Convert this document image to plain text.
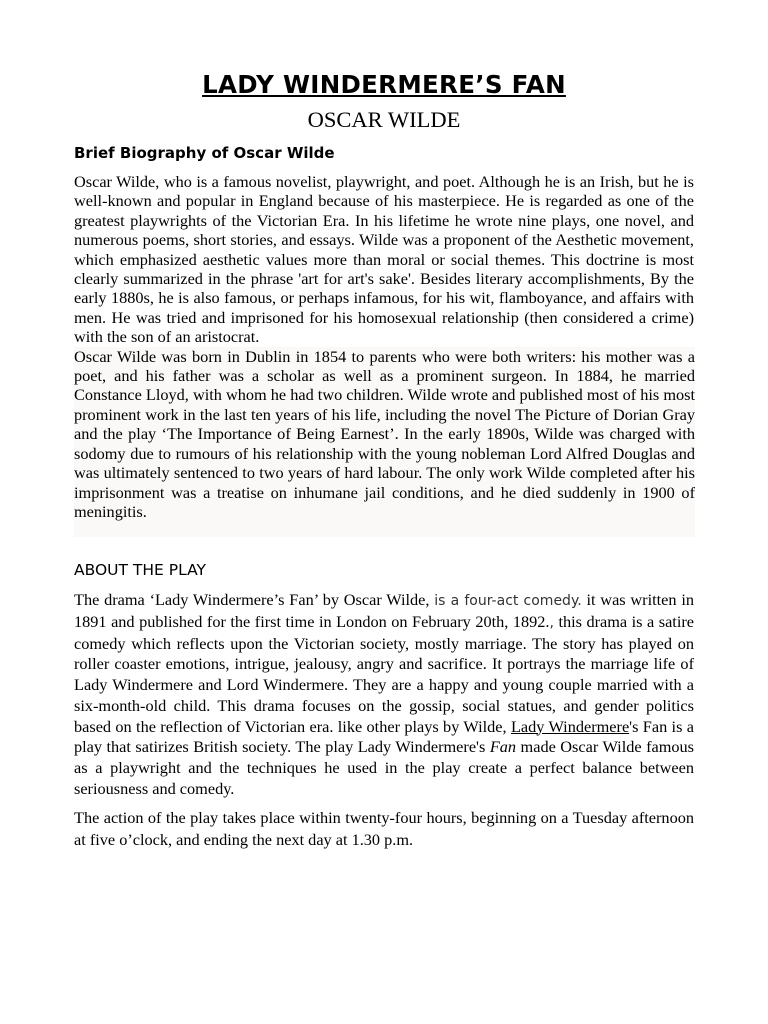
LADY WINDERMERE’S FAN
OSCAR WILDE
Brief Biography of Oscar Wilde

Oscar Wilde, who is a famous novelist, playwright, and poet. Although he is an Irish, but he is well-known and popular in England because of his masterpiece. He is regarded as one of the greatest playwrights of the Victorian Era. In his lifetime he wrote nine plays, one novel, and numerous poems, short stories, and essays. Wilde was a proponent of the Aesthetic movement, which emphasized aesthetic values more than moral or social themes. This doctrine is most clearly summarized in the phrase 'art for art's sake'. Besides literary accomplishments, By the early 1880s, he is also famous, or perhaps infamous, for his wit, flamboyance, and affairs with men. He was tried and imprisoned for his homosexual relationship (then considered a crime) with the son of an aristocrat.

Oscar Wilde was born in Dublin in 1854 to parents who were both writers: his mother was a poet, and his father was a scholar as well as a prominent surgeon. In 1884, he married Constance Lloyd, with whom he had two children. Wilde wrote and published most of his most prominent work in the last ten years of his life, including the novel The Picture of Dorian Gray and the play ‘The Importance of Being Earnest’. In the early 1890s, Wilde was charged with sodomy due to rumours of his relationship with the young nobleman Lord Alfred Douglas and was ultimately sentenced to two years of hard labour. The only work Wilde completed after his imprisonment was a treatise on inhumane jail conditions, and he died suddenly in 1900 of meningitis.

ABOUT THE PLAY

The drama ‘Lady Windermere’s Fan’ by Oscar Wilde, is a four-act comedy. it was written in 1891 and published for the first time in London on February 20th, 1892., this drama is a satire comedy which reflects upon the Victorian society, mostly marriage. The story has played on roller coaster emotions, intrigue, jealousy, angry and sacrifice. It portrays the marriage life of Lady Windermere and Lord Windermere. They are a happy and young couple married with a six-month-old child. This drama focuses on the gossip, social statues, and gender politics based on the reflection of Victorian era. like other plays by Wilde, Lady Windermere's Fan is a play that satirizes British society. The play Lady Windermere's Fan made Oscar Wilde famous as a playwright and the techniques he used in the play create a perfect balance between seriousness and comedy.

The action of the play takes place within twenty-four hours, beginning on a Tuesday afternoon at five o’clock, and ending the next day at 1.30 p.m.
